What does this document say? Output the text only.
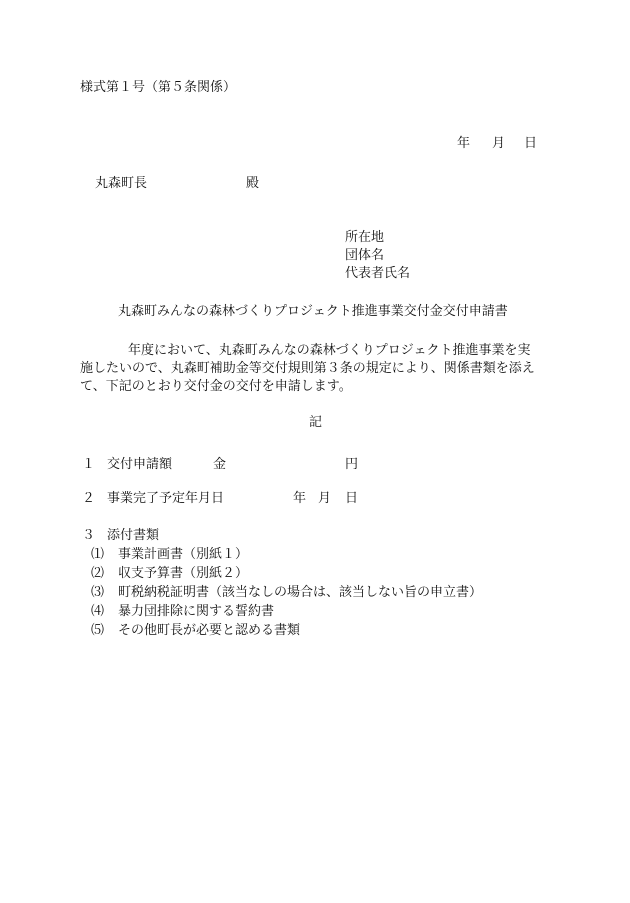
様式第１号（第５条関係）
年 月 日
丸森町長	殿
所在地
団体名
代表者氏名
丸森町みんなの森林づくりプロジェクト推進事業交付金交付申請書

年度において、丸森町みんなの森林づくりプロジェクト推進事業を実

施したいので、丸森町補助金等交付規則第３条の規定により、関係書類を添え

て、下記のとおり交付金の交付を申請します。

記
１ 交付申請額	金	円
２ 事業完了予定年月日	年 月 日
３ 添付書類
⑴ 事業計画書（別紙１）
⑵ 収支予算書（別紙２）
⑶ 町税納税証明書（該当なしの場合は、該当しない旨の申立書）
⑷ 暴力団排除に関する誓約書
⑸ その他町長が必要と認める書類
